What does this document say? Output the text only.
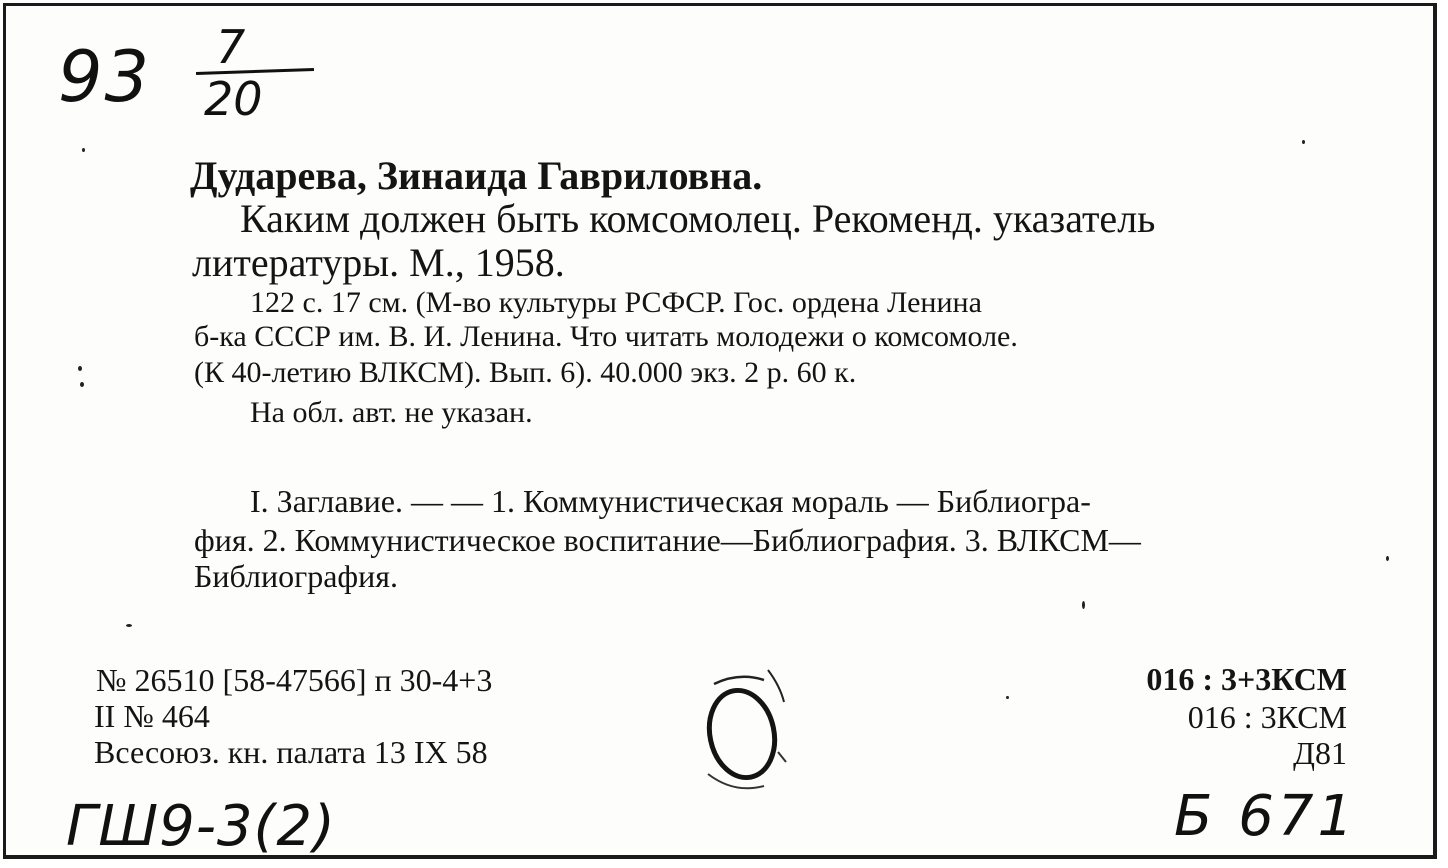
93 7
20
Дударева, Зинаида Гавриловна.
Каким должен быть комсомолец. Рекоменд. указатель
литературы. М., 1958.
122 с. 17 см. (М-во культуры РСФСР. Гос. ордена Ленина
б-ка СССР им. В. И. Ленина. Что читать молодежи о комсомоле.
(К 40-летию ВЛКСМ). Вып. 6). 40.000 экз. 2 р. 60 к.
На обл. авт. не указан.
I. Заглавие. — — 1. Коммунистическая мораль — Библиогра-
фия. 2. Коммунистическое воспитание—Библиография. 3. ВЛКСМ—
Библиография.
№ 26510 [58-47566] п 30-4+3
II № 464
Всесоюз. кн. палата 13 IX 58
016 : 3+3КСМ
016 : 3КСМ
Д81
ГШ9-3(2)	Б 671
